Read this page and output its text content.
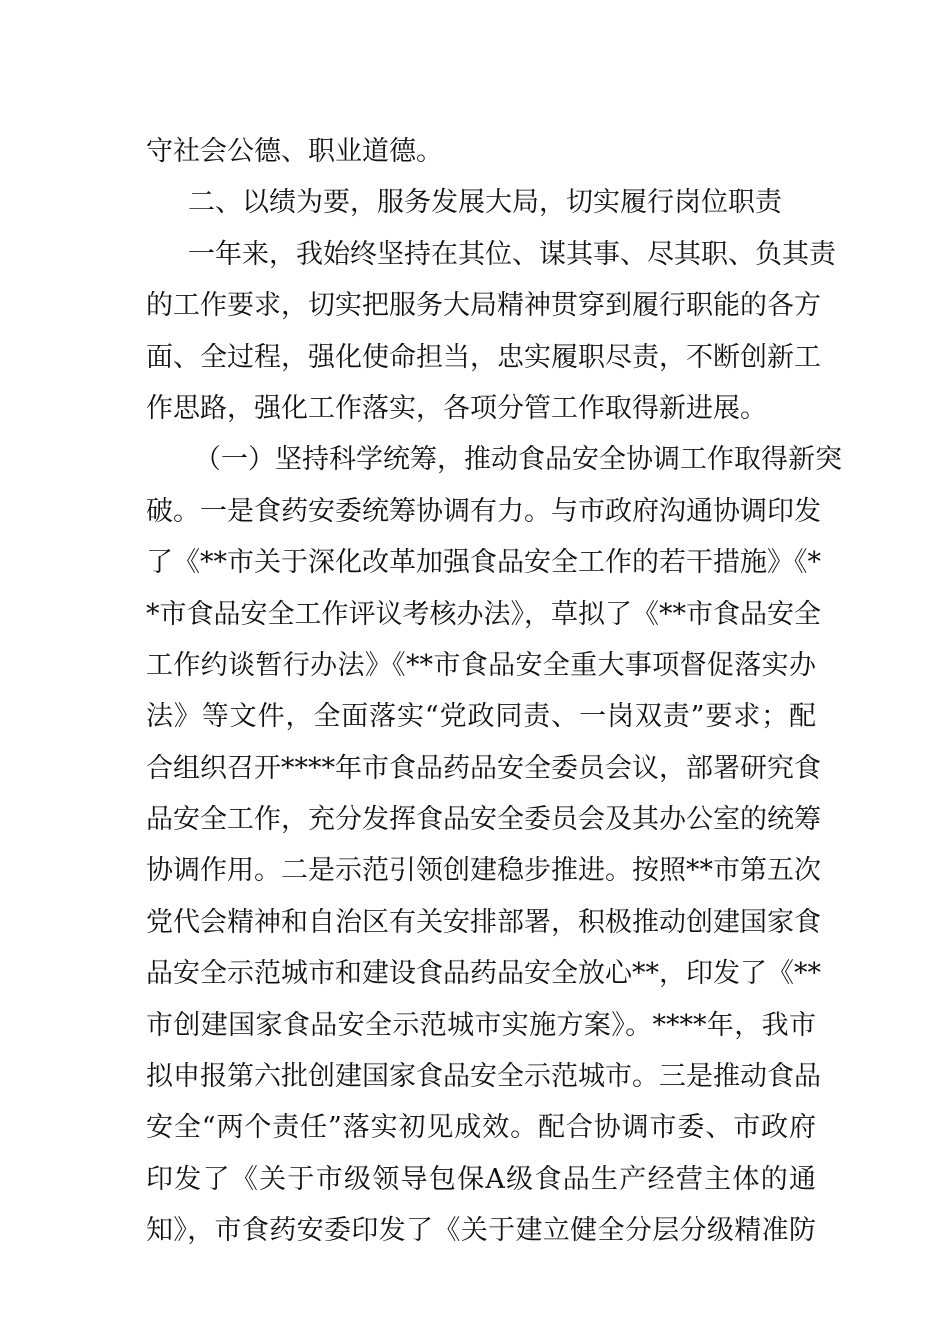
守社会公德、职业道德。
二、以绩为要，服务发展大局，切实履行岗位职责
一年来，我始终坚持在其位、谋其事、尽其职、负其责
的工作要求，切实把服务大局精神贯穿到履行职能的各方
面、全过程，强化使命担当，忠实履职尽责，不断创新工
作思路，强化工作落实，各项分管工作取得新进展。
（一）坚持科学统筹，推动食品安全协调工作取得新突
破。一是食药安委统筹协调有力。与市政府沟通协调印发
了《**市关于深化改革加强食品安全工作的若干措施》《*
*市食品安全工作评议考核办法》，草拟了《**市食品安全
工作约谈暂行办法》《**市食品安全重大事项督促落实办
法》等文件，全面落实“党政同责、一岗双责”要求；配
合组织召开****年市食品药品安全委员会议，部署研究食
品安全工作，充分发挥食品安全委员会及其办公室的统筹
协调作用。二是示范引领创建稳步推进。按照**市第五次
党代会精神和自治区有关安排部署，积极推动创建国家食
品安全示范城市和建设食品药品安全放心**，印发了《**
市创建国家食品安全示范城市实施方案》。****年，我市
拟申报第六批创建国家食品安全示范城市。三是推动食品
安全“两个责任”落实初见成效。配合协调市委、市政府
印发了《关于市级领导包保A级食品生产经营主体的通
知》，市食药安委印发了《关于建立健全分层分级精准防
